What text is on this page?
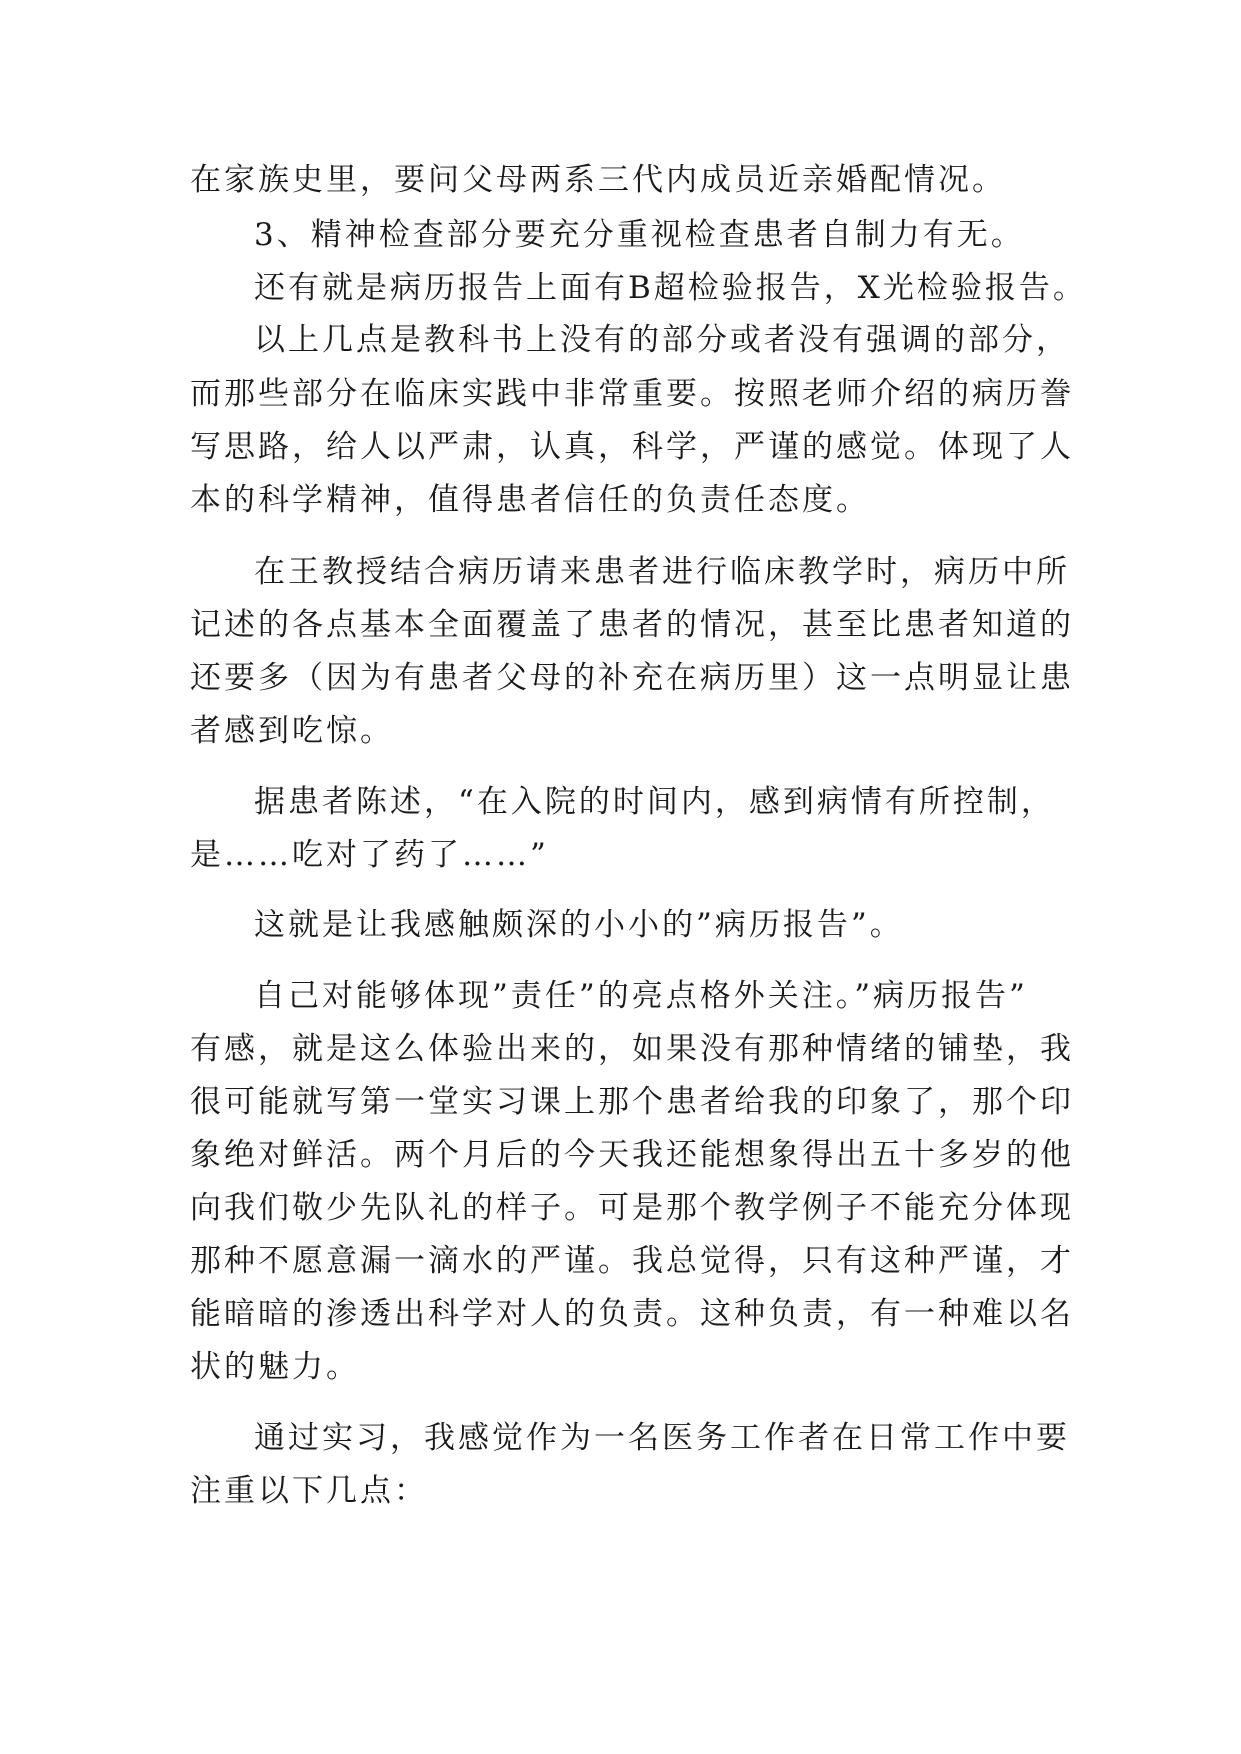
在家族史里，要问父母两系三代内成员近亲婚配情况。
3、精神检查部分要充分重视检查患者自制力有无。
还有就是病历报告上面有B超检验报告，X光检验报告。
以上几点是教科书上没有的部分或者没有强调的部分，
而那些部分在临床实践中非常重要。按照老师介绍的病历誊
写思路，给人以严肃，认真，科学，严谨的感觉。体现了人
本的科学精神，值得患者信任的负责任态度。
在王教授结合病历请来患者进行临床教学时，病历中所
记述的各点基本全面覆盖了患者的情况，甚至比患者知道的
还要多（因为有患者父母的补充在病历里）这一点明显让患
者感到吃惊。
据患者陈述，“在入院的时间内，感到病情有所控制，
是……吃对了药了……”
这就是让我感触颇深的小小的”病历报告”。
自己对能够体现”责任”的亮点格外关注。”病历报告”
有感，就是这么体验出来的，如果没有那种情绪的铺垫，我
很可能就写第一堂实习课上那个患者给我的印象了，那个印
象绝对鲜活。两个月后的今天我还能想象得出五十多岁的他
向我们敬少先队礼的样子。可是那个教学例子不能充分体现
那种不愿意漏一滴水的严谨。我总觉得，只有这种严谨，才
能暗暗的渗透出科学对人的负责。这种负责，有一种难以名
状的魅力。
通过实习，我感觉作为一名医务工作者在日常工作中要
注重以下几点：
